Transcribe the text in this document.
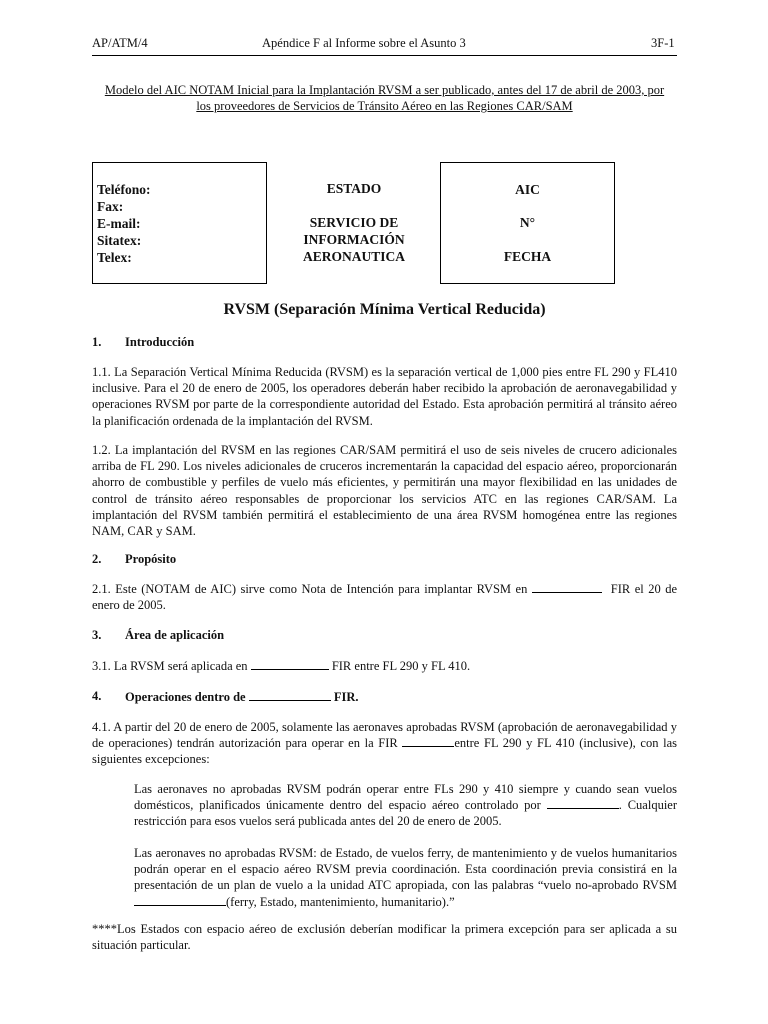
AP/ATM/4	Apéndice F al Informe sobre el Asunto 3	3F-1
Modelo del AIC NOTAM Inicial para la Implantación RVSM a ser publicado, antes del 17 de abril de 2003, por
los proveedores de Servicios de Tránsito Aéreo en las Regiones CAR/SAM
Teléfono:
Fax:
E-mail:
Sitatex:
Telex:
ESTADO
SERVICIO DE
INFORMACIÓN
AERONAUTICA
AIC
N°
FECHA
RVSM (Separación Mínima Vertical Reducida)
1. Introducción
1.1. La Separación Vertical Mínima Reducida (RVSM) es la separación vertical de 1,000 pies entre FL 290 y FL410 inclusive. Para el 20 de enero de 2005, los operadores deberán haber recibido la aprobación de aeronavegabilidad y operaciones RVSM por parte de la correspondiente autoridad del Estado. Esta aprobación permitirá al tránsito aéreo la planificación ordenada de la implantación del RVSM.
1.2. La implantación del RVSM en las regiones CAR/SAM permitirá el uso de seis niveles de crucero adicionales arriba de FL 290. Los niveles adicionales de cruceros incrementarán la capacidad del espacio aéreo, proporcionarán ahorro de combustible y perfiles de vuelo más eficientes, y permitirán una mayor flexibilidad en las unidades de control de tránsito aéreo responsables de proporcionar los servicios ATC en las regiones CAR/SAM. La implantación del RVSM también permitirá el establecimiento de una área RVSM homogénea entre las regiones NAM, CAR y SAM.
2. Propósito
2.1. Este (NOTAM de AIC) sirve como Nota de Intención para implantar RVSM en	FIR el 20 de enero de 2005.
3. Área de aplicación
3.1. La RVSM será aplicada en	FIR entre FL 290 y FL 410.
4. Operaciones dentro de	FIR.
4.1. A partir del 20 de enero de 2005, solamente las aeronaves aprobadas RVSM (aprobación de aeronavegabilidad y de operaciones) tendrán autorización para operar en la FIR	entre FL 290 y FL 410 (inclusive), con las siguientes excepciones:
Las aeronaves no aprobadas RVSM podrán operar entre FLs 290 y 410 siempre y cuando sean vuelos domésticos, planificados únicamente dentro del espacio aéreo controlado por	. Cualquier restricción para esos vuelos será publicada antes del 20 de enero de 2005.
Las aeronaves no aprobadas RVSM: de Estado, de vuelos ferry, de mantenimiento y de vuelos humanitarios podrán operar en el espacio aéreo RVSM previa coordinación. Esta coordinación previa consistirá en la presentación de un plan de vuelo a la unidad ATC apropiada, con las palabras “vuelo no-aprobado RVSM (ferry, Estado, mantenimiento, humanitario).”
****Los Estados con espacio aéreo de exclusión deberían modificar la primera excepción para ser aplicada a su situación particular.
